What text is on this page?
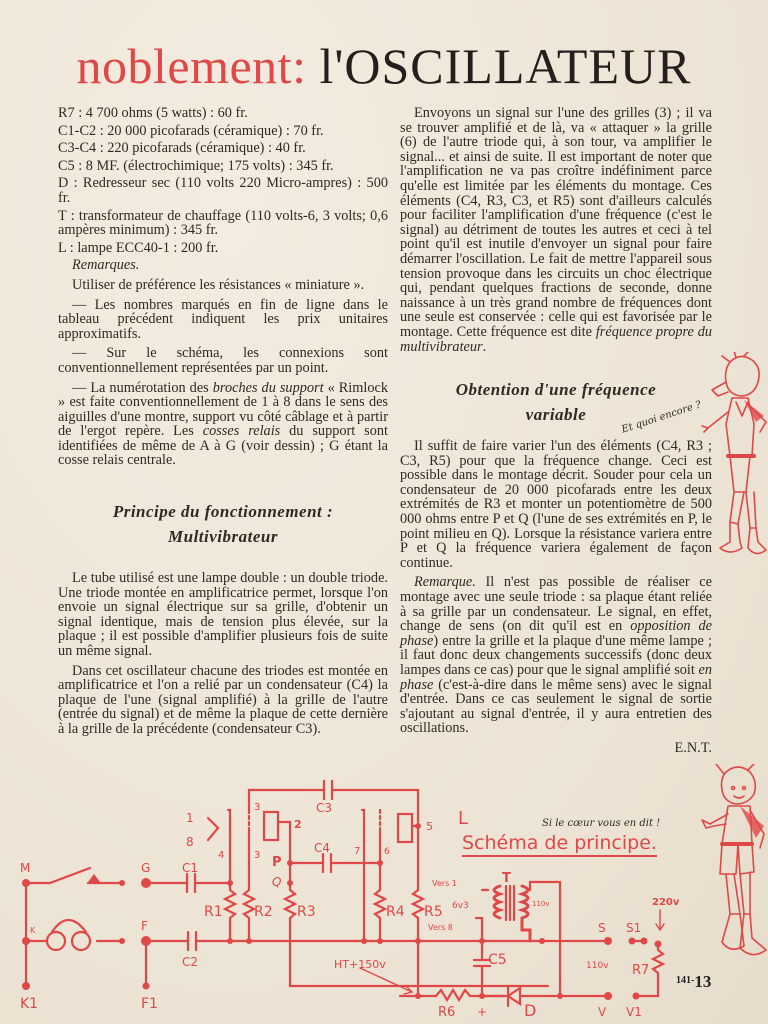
noblement: l'OSCILLATEUR

R7 : 4 700 ohms (5 watts) : 60 fr.

C1-C2 : 20 000 picofarads (céramique) : 70 fr.

C3-C4 : 220 picofarads (céramique) : 40 fr.

C5 : 8 MF. (électrochimique; 175 volts) : 345 fr.

D : Redresseur sec (110 volts 220 Micro-ampres) : 500 fr.

T : transformateur de chauffage (110 volts-6, 3 volts; 0,6 ampères minimum) : 345 fr.

L : lampe ECC40-1 : 200 fr.

Remarques.

Utiliser de préférence les résistances « miniature ».

— Les nombres marqués en fin de ligne dans le tableau précédent indiquent les prix unitaires approximatifs.

— Sur le schéma, les connexions sont conventionnellement représentées par un point.

— La numérotation des broches du support « Rimlock » est faite conventionnellement de 1 à 8 dans le sens des aiguilles d'une montre, support vu côté câblage et à partir de l'ergot repère. Les cosses relais du support sont identifiées de même de A à G (voir dessin) ; G étant la cosse relais centrale.

Principe du fonctionnement :
Multivibrateur

Le tube utilisé est une lampe double : un double triode. Une triode montée en amplificatrice permet, lorsque l'on envoie un signal électrique sur sa grille, d'obtenir un signal identique, mais de tension plus élevée, sur la plaque ; il est possible d'amplifier plusieurs fois de suite un même signal.

Dans cet oscillateur chacune des triodes est montée en amplificatrice et l'on a relié par un condensateur (C4) la plaque de l'une (signal amplifié) à la grille de l'autre (entrée du signal) et de même la plaque de cette dernière à la grille de la précédente (condensateur C3).

Envoyons un signal sur l'une des grilles (3) ; il va se trouver amplifié et de là, va « attaquer » la grille (6) de l'autre triode qui, à son tour, va amplifier le signal... et ainsi de suite. Il est important de noter que l'amplification ne va pas croître indéfiniment parce qu'elle est limitée par les éléments du montage. Ces éléments (C4, R3, C3, et R5) sont d'ailleurs calculés pour faciliter l'amplification d'une fréquence (c'est le signal) au détriment de toutes les autres et ceci à tel point qu'il est inutile d'envoyer un signal pour faire démarrer l'oscillation. Le fait de mettre l'appareil sous tension provoque dans les circuits un choc électrique qui, pendant quelques fractions de seconde, donne naissance à un très grand nombre de fréquences dont une seule est conservée : celle qui est favorisée par le montage. Cette fréquence est dite fréquence propre du multivibrateur.

Obtention d'une fréquence
variable

Il suffit de faire varier l'un des éléments (C4, R3 ; C3, R5) pour que la fréquence change. Ceci est possible dans le montage décrit. Souder pour cela un condensateur de 20 000 picofarads entre les deux extrémités de R3 et monter un potentiomètre de 500 000 ohms entre P et Q (l'une de ses extrémités en P, le point milieu en Q). Lorsque la résistance variera entre P et Q la fréquence variera également de façon continue.

Remarque. Il n'est pas possible de réaliser ce montage avec une seule triode : sa plaque étant reliée à sa grille par un condensateur. Le signal, en effet, change de sens (on dit qu'il est en opposition de phase) entre la grille et la plaque d'une même lampe ; il faut donc deux changements successifs (donc deux lampes dans ce cas) pour que le signal amplifié soit en phase (c'est-à-dire dans le même sens) avec le signal d'entrée. Dans ce cas seulement le signal de sortie s'ajoutant au signal d'entrée, il y aura entretien des oscillations.

E.N.T.

Et quoi encore ?
Si le cœur vous en dit !
Schéma de principe.
M
K
K1
G
F
F1
C1
C2
C3
C4
C5
R1 R2 R3	R4 R5
R6
R7
P
Q
L
T
D
S
V
S1
V1
1
8
4
3
3
2
7	6
5
HT+150v
Vers 1
Vers 8
6v3	110v
110v
220v
+
$^{141-}$13
